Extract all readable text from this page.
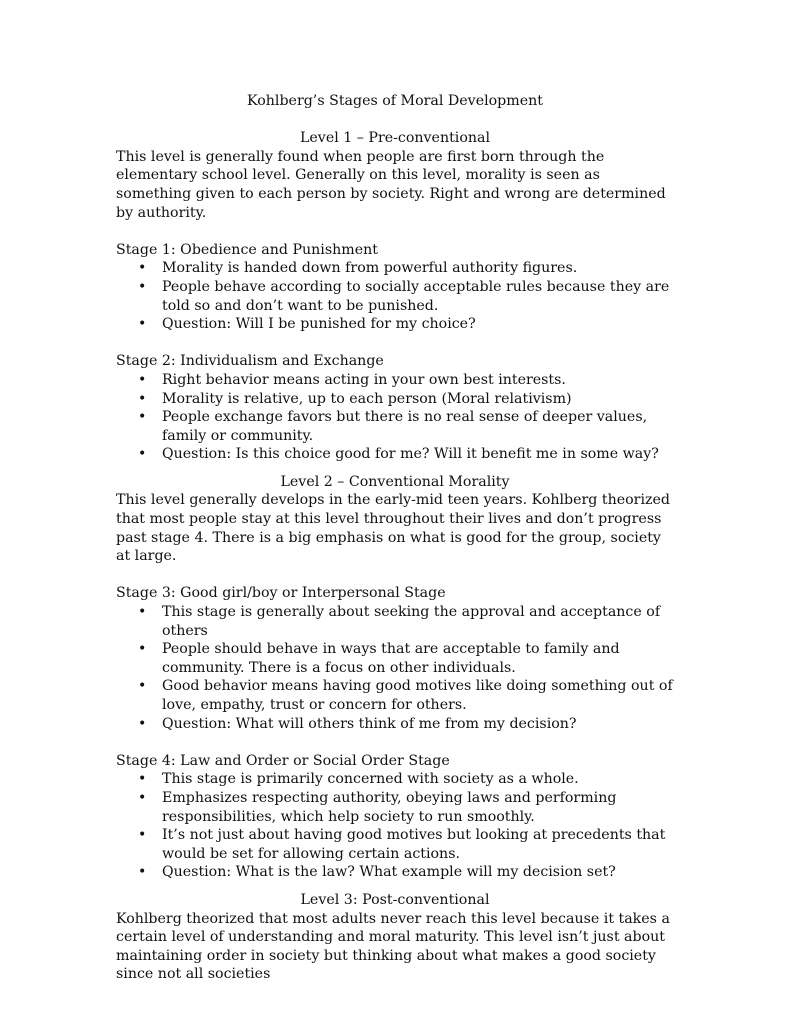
Kohlberg’s Stages of Moral Development

Level 1 – Pre-conventional

This level is generally found when people are first born through the elementary school level. Generally on this level, morality is seen as something given to each person by society. Right and wrong are determined by authority.

Stage 1: Obedience and Punishment

• Morality is handed down from powerful authority figures.
• People behave according to socially acceptable rules because they are told so and don’t want to be punished.
• Question: Will I be punished for my choice?

Stage 2: Individualism and Exchange

• Right behavior means acting in your own best interests.
• Morality is relative, up to each person (Moral relativism)
• People exchange favors but there is no real sense of deeper values, family or community.
• Question: Is this choice good for me? Will it benefit me in some way?

Level 2 – Conventional Morality

This level generally develops in the early-mid teen years. Kohlberg theorized that most people stay at this level throughout their lives and don’t progress past stage 4. There is a big emphasis on what is good for the group, society at large.

Stage 3: Good girl/boy or Interpersonal Stage

• This stage is generally about seeking the approval and acceptance of others
• People should behave in ways that are acceptable to family and community. There is a focus on other individuals.
• Good behavior means having good motives like doing something out of love, empathy, trust or concern for others.
• Question: What will others think of me from my decision?

Stage 4: Law and Order or Social Order Stage

• This stage is primarily concerned with society as a whole.
• Emphasizes respecting authority, obeying laws and performing responsibilities, which help society to run smoothly.
• It’s not just about having good motives but looking at precedents that would be set for allowing certain actions.
• Question: What is the law? What example will my decision set?

Level 3: Post-conventional

Kohlberg theorized that most adults never reach this level because it takes a certain level of understanding and moral maturity. This level isn’t just about maintaining order in society but thinking about what makes a good society since not all societies
